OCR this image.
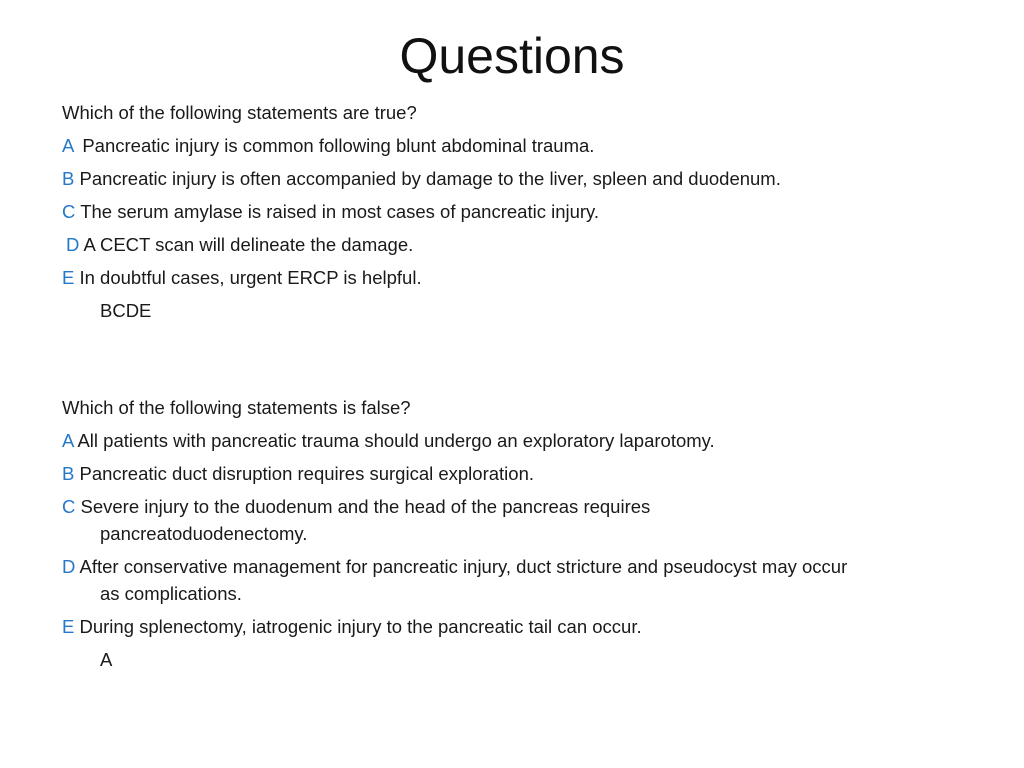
Questions
Which of the following statements are true?
A Pancreatic injury is common following blunt abdominal trauma.
B Pancreatic injury is often accompanied by damage to the liver, spleen and duodenum.
C The serum amylase is raised in most cases of pancreatic injury.
D A CECT scan will delineate the damage.
E In doubtful cases, urgent ERCP is helpful.
BCDE
Which of the following statements is false?
A All patients with pancreatic trauma should undergo an exploratory laparotomy.
B Pancreatic duct disruption requires surgical exploration.
C Severe injury to the duodenum and the head of the pancreas requires
pancreatoduodenectomy.
D After conservative management for pancreatic injury, duct stricture and pseudocyst may occur
as complications.
E During splenectomy, iatrogenic injury to the pancreatic tail can occur.
A
